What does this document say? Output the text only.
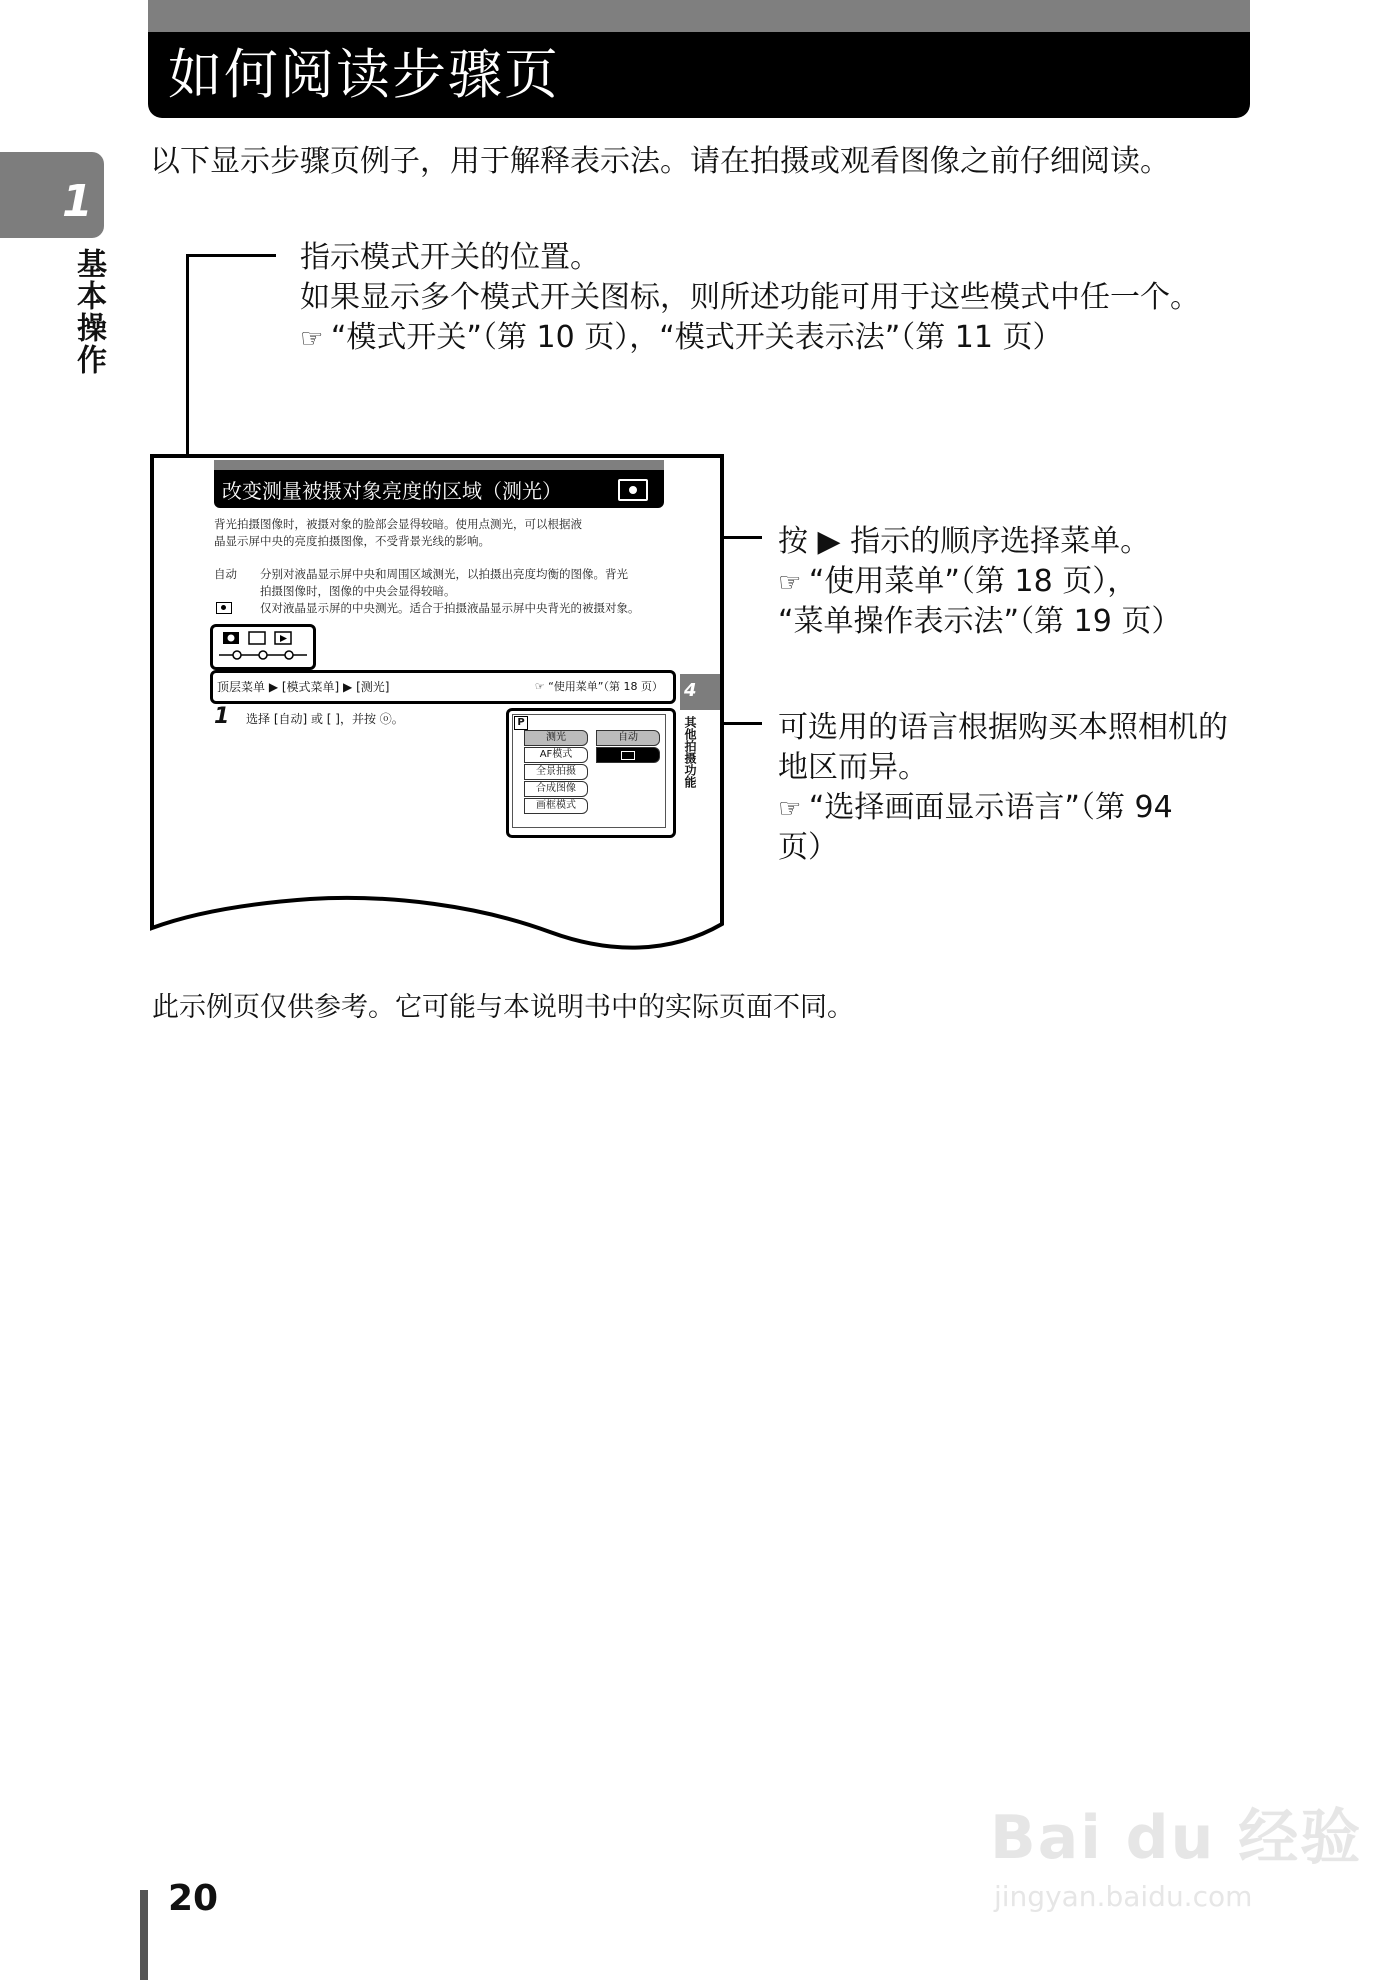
如何阅读步骤页
1
基本操作
以下显示步骤页例子，用于解释表示法。请在拍摄或观看图像之前仔细阅读。
指示模式开关的位置。
如果显示多个模式开关图标，则所述功能可用于这些模式中任一个。
☞ “模式开关”（第 10 页），“模式开关表示法”（第 11 页）
按 ▶ 指示的顺序选择菜单。
☞ “使用菜单”（第 18 页），
“菜单操作表示法”（第 19 页）
可选用的语言根据购买本照相机的
地区而异。
☞ “选择画面显示语言”（第 94
页）
改变测量被摄对象亮度的区域（测光）
背光拍摄图像时，被摄对象的脸部会显得较暗。使用点测光，可以根据液
晶显示屏中央的亮度拍摄图像，不受背景光线的影响。
自动 分别对液晶显示屏中央和周围区域测光，以拍摄出亮度均衡的图像。背光
拍摄图像时，图像的中央会显得较暗。
仅对液晶显示屏的中央测光。适合于拍摄液晶显示屏中央背光的被摄对象。
顶层菜单 ▶ [模式菜单] ▶ [测光]	☞ “使用菜单”（第 18 页） 4
其他拍摄功能
1 选择 [自动] 或 [ ]，并按 ⓞ。	P
测光
AF模式
全景拍摄
合成图像
画框模式
自动
此示例页仅供参考。它可能与本说明书中的实际页面不同。
20
Bai du 经验
jingyan.baidu.com
